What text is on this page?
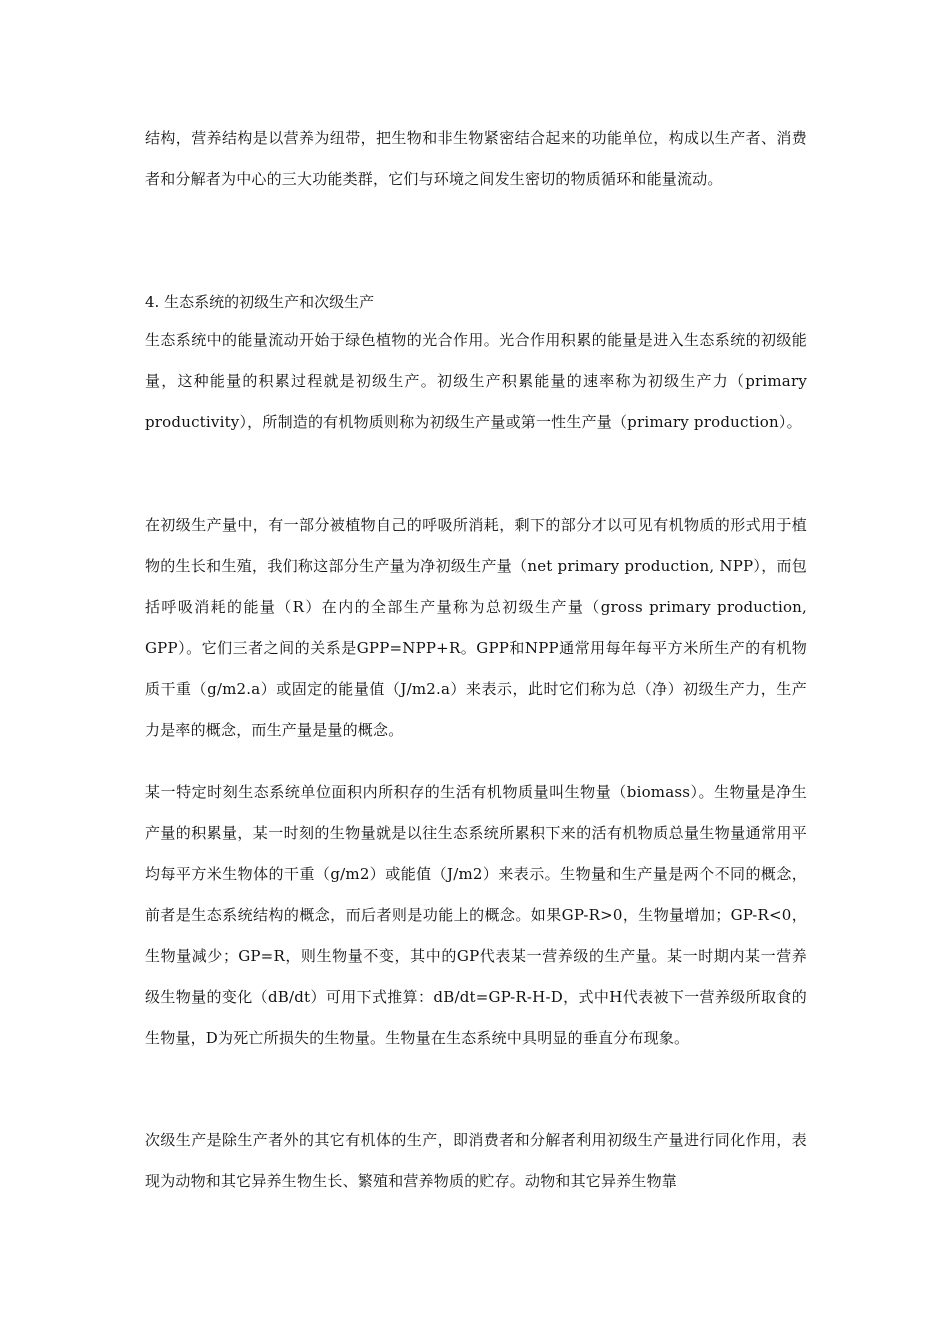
结构，营养结构是以营养为纽带，把生物和非生物紧密结合起来的功能单位，构成以生产者、消费者和分解者为中心的三大功能类群，它们与环境之间发生密切的物质循环和能量流动。

4. 生态系统的初级生产和次级生产

生态系统中的能量流动开始于绿色植物的光合作用。光合作用积累的能量是进入生态系统的初级能量，这种能量的积累过程就是初级生产。初级生产积累能量的速率称为初级生产力（primary productivity），所制造的有机物质则称为初级生产量或第一性生产量（primary production）。

在初级生产量中，有一部分被植物自己的呼吸所消耗，剩下的部分才以可见有机物质的形式用于植物的生长和生殖，我们称这部分生产量为净初级生产量（net primary production, NPP），而包括呼吸消耗的能量（R）在内的全部生产量称为总初级生产量（gross primary production, GPP）。它们三者之间的关系是GPP=NPP+R。GPP和NPP通常用每年每平方米所生产的有机物质干重（g/m2.a）或固定的能量值（J/m2.a）来表示，此时它们称为总（净）初级生产力，生产力是率的概念，而生产量是量的概念。

某一特定时刻生态系统单位面积内所积存的生活有机物质量叫生物量（biomass）。生物量是净生产量的积累量，某一时刻的生物量就是以往生态系统所累积下来的活有机物质总量生物量通常用平均每平方米生物体的干重（g/m2）或能值（J/m2）来表示。生物量和生产量是两个不同的概念，前者是生态系统结构的概念，而后者则是功能上的概念。如果GP-R>0，生物量增加；GP-R<0，生物量减少；GP=R，则生物量不变，其中的GP代表某一营养级的生产量。某一时期内某一营养级生物量的变化（dB/dt）可用下式推算：dB/dt=GP-R-H-D，式中H代表被下一营养级所取食的生物量，D为死亡所损失的生物量。生物量在生态系统中具明显的垂直分布现象。

次级生产是除生产者外的其它有机体的生产，即消费者和分解者利用初级生产量进行同化作用，表现为动物和其它异养生物生长、繁殖和营养物质的贮存。动物和其它异养生物靠
